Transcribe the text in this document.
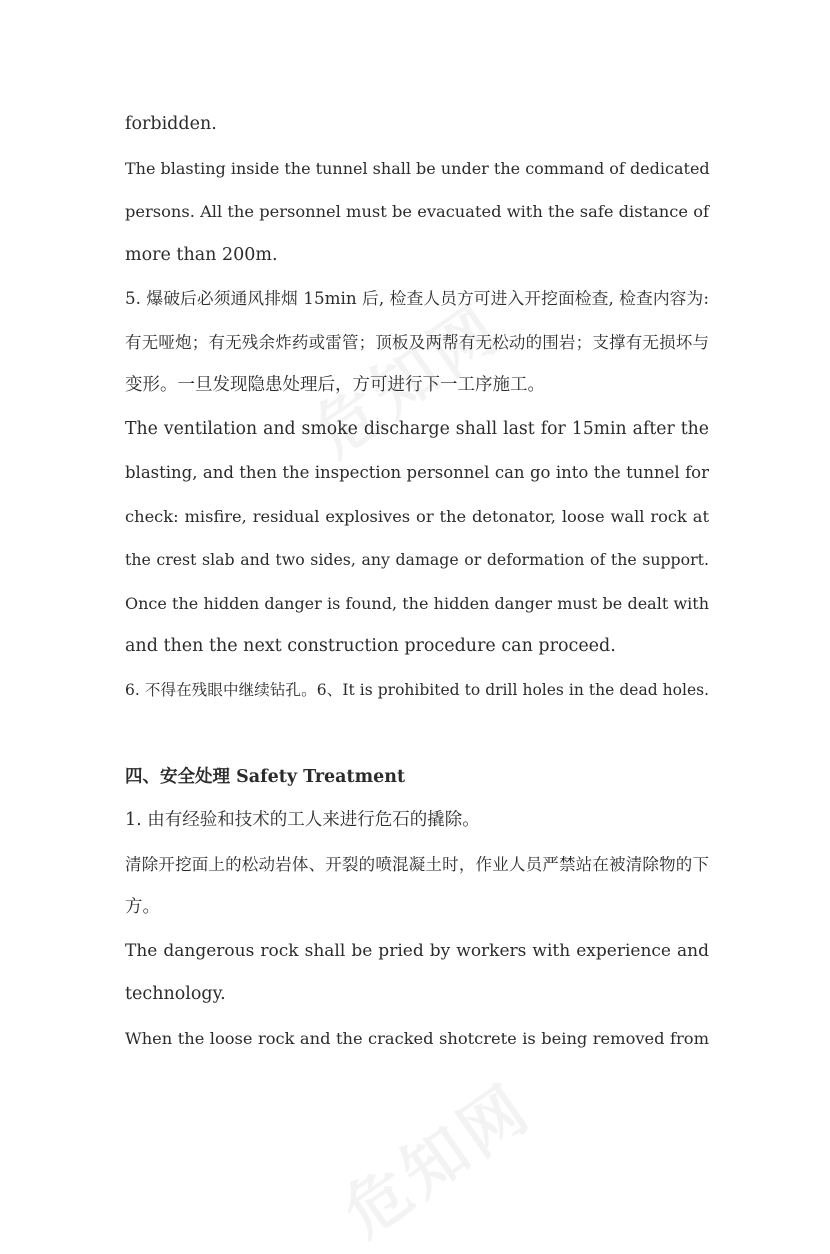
forbidden.
The blasting inside the tunnel shall be under the command of dedicated
persons. All the personnel must be evacuated with the safe distance of
more than 200m.
5. 爆破后必须通风排烟 15min 后, 检查人员方可进入开挖面检查, 检查内容为:
有无哑炮；有无残余炸药或雷管；顶板及两帮有无松动的围岩；支撑有无损坏与
变形。一旦发现隐患处理后，方可进行下一工序施工。
The ventilation and smoke discharge shall last for 15min after the
blasting, and then the inspection personnel can go into the tunnel for
check: misfire, residual explosives or the detonator, loose wall rock at
the crest slab and two sides, any damage or deformation of the support.
Once the hidden danger is found, the hidden danger must be dealt with
and then the next construction procedure can proceed.
6. 不得在残眼中继续钻孔。6、It is prohibited to drill holes in the dead holes.
四、安全处理 Safety Treatment
1. 由有经验和技术的工人来进行危石的撬除。
清除开挖面上的松动岩体、开裂的喷混凝土时，作业人员严禁站在被清除物的下
方。
The dangerous rock shall be pried by workers with experience and
technology.
When the loose rock and the cracked shotcrete is being removed from
